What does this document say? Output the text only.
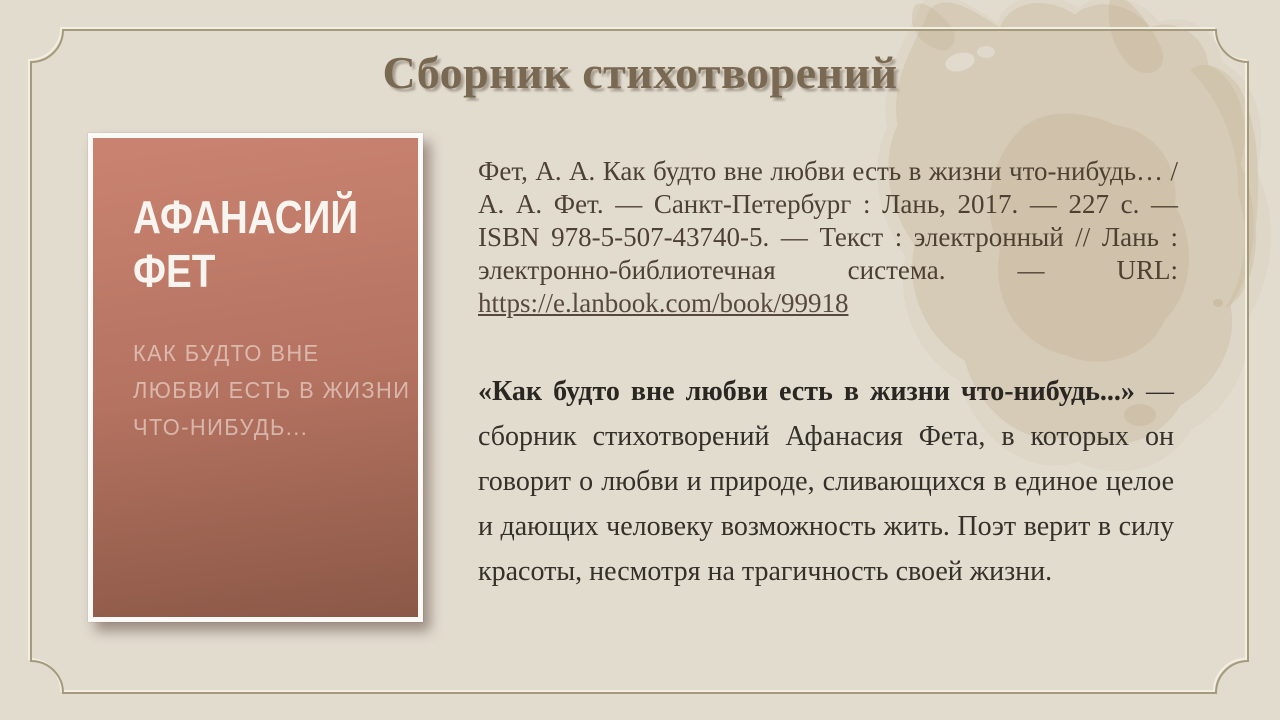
Сборник стихотворений
АФАНАСИЙ
ФЕТ
КАК БУДТО ВНЕ
ЛЮБВИ ЕСТЬ В ЖИЗНИ
ЧТО-НИБУДЬ...

Фет, А. А. Как будто вне любви есть в жизни что-нибудь… / А. А. Фет. — Санкт-Петербург : Лань, 2017. — 227 с. — ISBN 978-5-507-43740-5. — Текст : электронный // Лань : электронно-библиотечная система. — URL: https://e.lanbook.com/book/99918

«Как будто вне любви есть в жизни что-нибудь...» — сборник стихотворений Афанасия Фета, в которых он говорит о любви и природе, сливающихся в единое целое и дающих человеку возможность жить. Поэт верит в силу красоты, несмотря на трагичность своей жизни.
